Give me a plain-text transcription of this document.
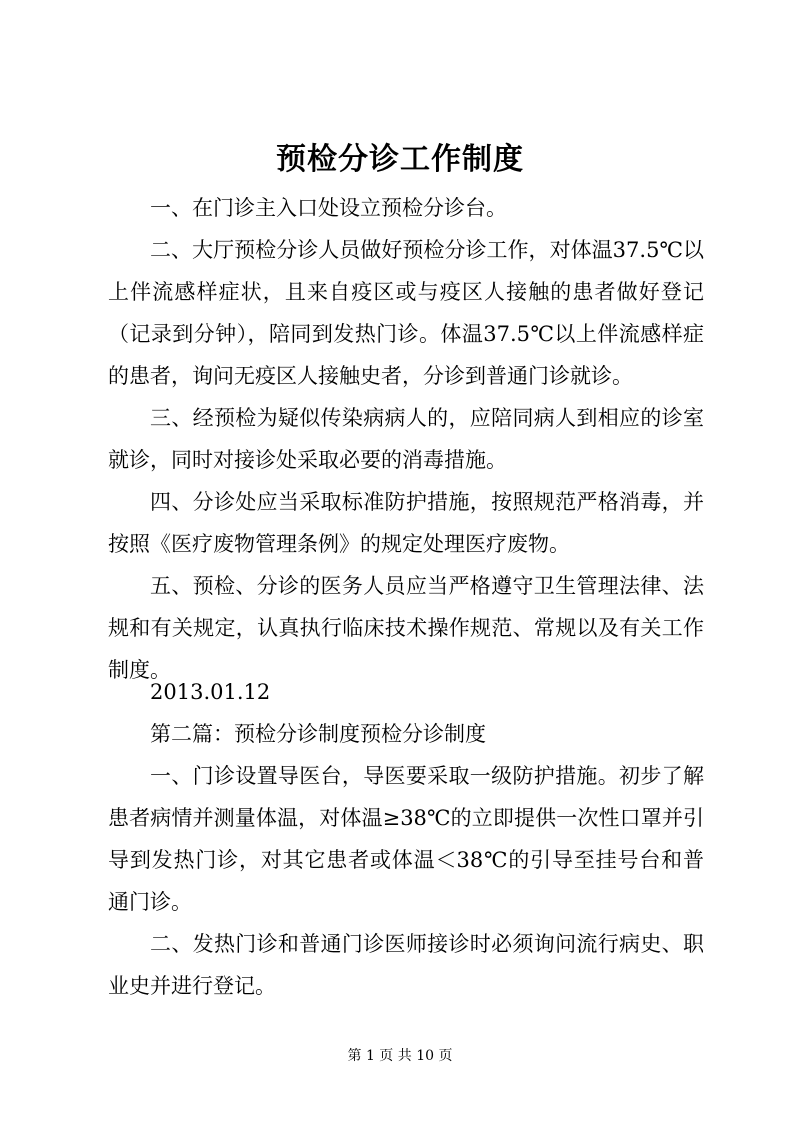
预检分诊工作制度

一、在门诊主入口处设立预检分诊台。

二、大厅预检分诊人员做好预检分诊工作，对体温37.5℃以上伴流感样症状，且来自疫区或与疫区人接触的患者做好登记（记录到分钟），陪同到发热门诊。体温37.5℃以上伴流感样症的患者，询问无疫区人接触史者，分诊到普通门诊就诊。

三、经预检为疑似传染病病人的，应陪同病人到相应的诊室就诊，同时对接诊处采取必要的消毒措施。

四、分诊处应当采取标准防护措施，按照规范严格消毒，并按照《医疗废物管理条例》的规定处理医疗废物。

五、预检、分诊的医务人员应当严格遵守卫生管理法律、法规和有关规定，认真执行临床技术操作规范、常规以及有关工作制度。

2013.01.12

第二篇：预检分诊制度预检分诊制度

一、门诊设置导医台，导医要采取一级防护措施。初步了解患者病情并测量体温，对体温≥38℃的立即提供一次性口罩并引导到发热门诊，对其它患者或体温＜38℃的引导至挂号台和普通门诊。

二、发热门诊和普通门诊医师接诊时必须询问流行病史、职业史并进行登记。

第 1 页 共 10 页
